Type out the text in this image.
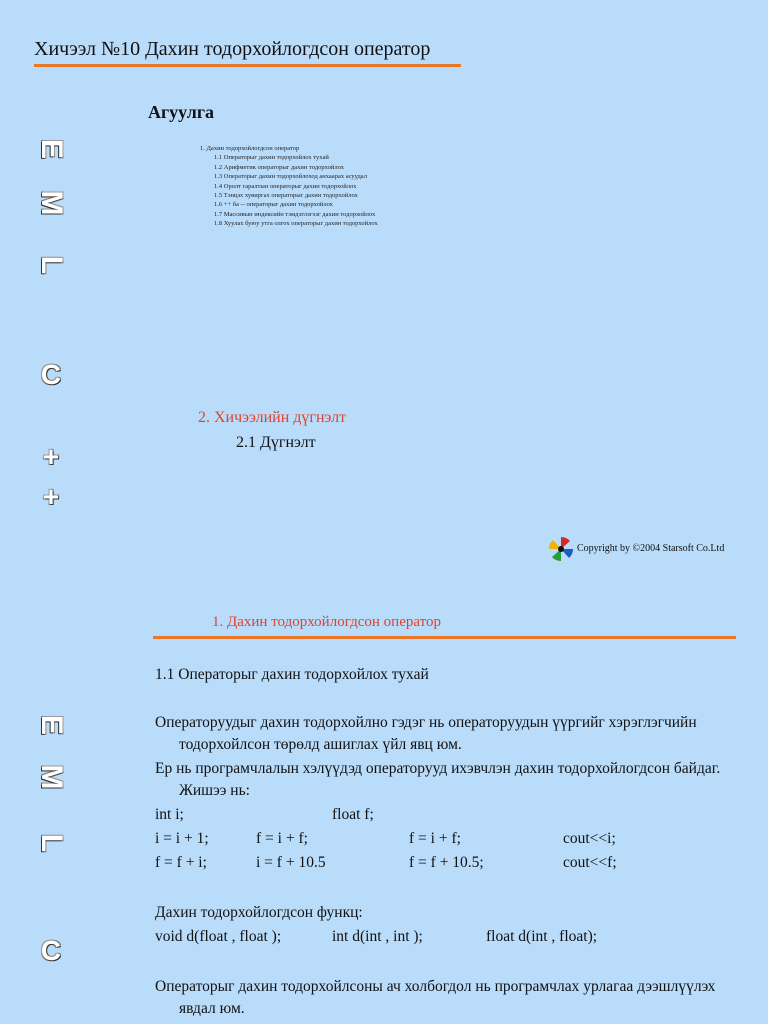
Хичээл №10 Дахин тодорхойлогдсон оператор
E
M
L
C
+
+
Агуулга
1. Дахин тодорхойлогдсон оператор
1.1 Операторыг дахин тодорхойлох тухай
1.2 Арифметик операторыг дахин тодорхойлох
1.3 Операторыг дахин тодорхойлоход анхаарах асуудал
1.4 Оролт гаралтын операторыг дахин тодорхойлох
1.5 Тэнцэх хувиргах операторыг дахин тодорхойлох
1.6 ++ ба -- операторыг дахин тодорхойлох
1.7 Массивын индексийн тэмдэглэгээг дахин тодорхойлох
1.8 Хуулах буюу утга олгох операторыг дахин тодорхойлох
2. Хичээлийн дүгнэлт
2.1 Дүгнэлт
Copyright by ©2004 Starsoft Co.Ltd
1. Дахин тодорхойлогдсон оператор
E
M
L
C
1.1 Операторыг дахин тодорхойлох тухай
Операторуудыг дахин тодорхойлно гэдэг нь операторуудын үүргийг хэрэглэгчийн тодорхойлсон төрөлд ашиглах үйл явц юм.
Ер нь програмчлалын хэлүүдэд операторууд ихэвчлэн дахин тодорхойлогдсон байдаг. Жишээ нь:
int i;	float f;
i = i + 1;	f = i + f;	f = i + f;	cout<<i;
f = f + i;	i = f + 10.5	f = f + 10.5;	cout<<f;
Дахин тодорхойлогдсон функц:
void d(float , float );	int d(int , int );	float d(int , float);
Операторыг дахин тодорхойлсоны ач холбогдол нь програмчлах урлагаа дээшлүүлэх явдал юм.
